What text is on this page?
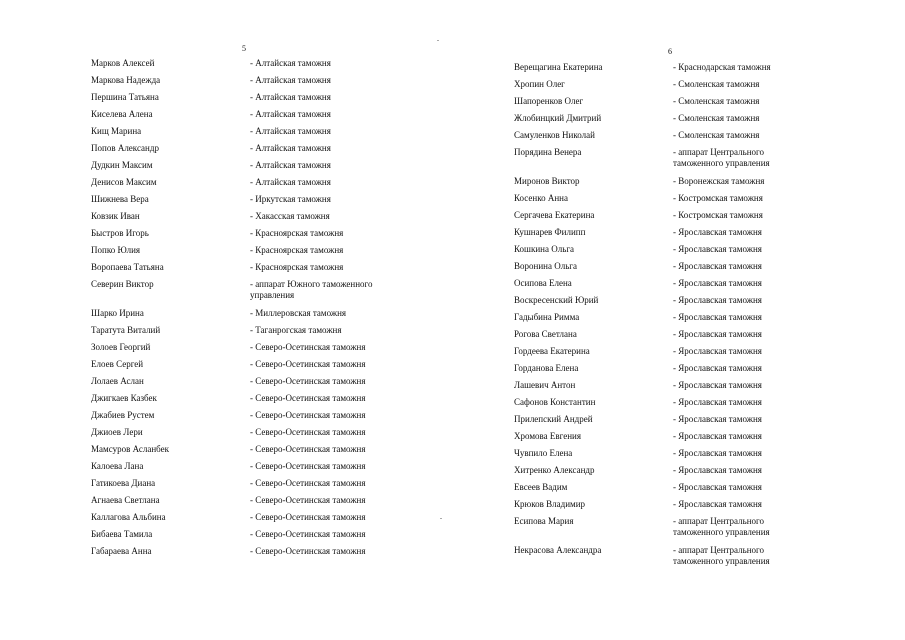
5	6
Марков Алексей	- Алтайская таможня
Маркова Надежда	- Алтайская таможня
Першина Татьяна	- Алтайская таможня
Киселева Алена	- Алтайская таможня
Кищ Марина	- Алтайская таможня
Попов Александр	- Алтайская таможня
Дудкин Максим	- Алтайская таможня
Денисов Максим	- Алтайская таможня
Шижнева Вера	- Иркутская таможня
Ковзик Иван	- Хакасская таможня
Быстров Игорь	- Красноярская таможня
Попко Юлия	- Красноярская таможня
Воропаева Татьяна	- Красноярская таможня
Северин Виктор	- аппарат Южного таможенного
управления
Шарко Ирина	- Миллеровская таможня
Таратута Виталий	- Таганрогская таможня
Золоев Георгий	- Северо-Осетинская таможня
Елоев Сергей	- Северо-Осетинская таможня
Лолаев Аслан	- Северо-Осетинская таможня
Джигкаев Казбек	- Северо-Осетинская таможня
Джабиев Рустем	- Северо-Осетинская таможня
Джиоев Лери	- Северо-Осетинская таможня
Мамсуров Асланбек	- Северо-Осетинская таможня
Калоева Лана	- Северо-Осетинская таможня
Гатикоева Диана	- Северо-Осетинская таможня
Агнаева Светлана	- Северо-Осетинская таможня
Каллагова Альбина	- Северо-Осетинская таможня
Бибаева Тамила	- Северо-Осетинская таможня
Габараева Анна	- Северо-Осетинская таможня
Верещагина Екатерина	- Краснодарская таможня
Хропин Олег	- Смоленская таможня
Шапоренков Олег	- Смоленская таможня
Жлобинцкий Дмитрий	- Смоленская таможня
Самуленков Николай	- Смоленская таможня
Порядина Венера	- аппарат Центрального
таможенного управления
Миронов Виктор	- Воронежская таможня
Косенко Анна	- Костромская таможня
Сергачева Екатерина	- Костромская таможня
Кушнарев Филипп	- Ярославская таможня
Кошкина Ольга	- Ярославская таможня
Воронина Ольга	- Ярославская таможня
Осипова Елена	- Ярославская таможня
Воскресенский Юрий	- Ярославская таможня
Гадыбина Римма	- Ярославская таможня
Рогова Светлана	- Ярославская таможня
Гордеева Екатерина	- Ярославская таможня
Горданова Елена	- Ярославская таможня
Лашевич Антон	- Ярославская таможня
Сафонов Константин	- Ярославская таможня
Прилепский Андрей	- Ярославская таможня
Хромова Евгения	- Ярославская таможня
Чувпило Елена	- Ярославская таможня
Хитренко Александр	- Ярославская таможня
Евсеев Вадим	- Ярославская таможня
Крюков Владимир	- Ярославская таможня
Есипова Мария	- аппарат Центрального
таможенного управления
Некрасова Александра	- аппарат Центрального
таможенного управления
